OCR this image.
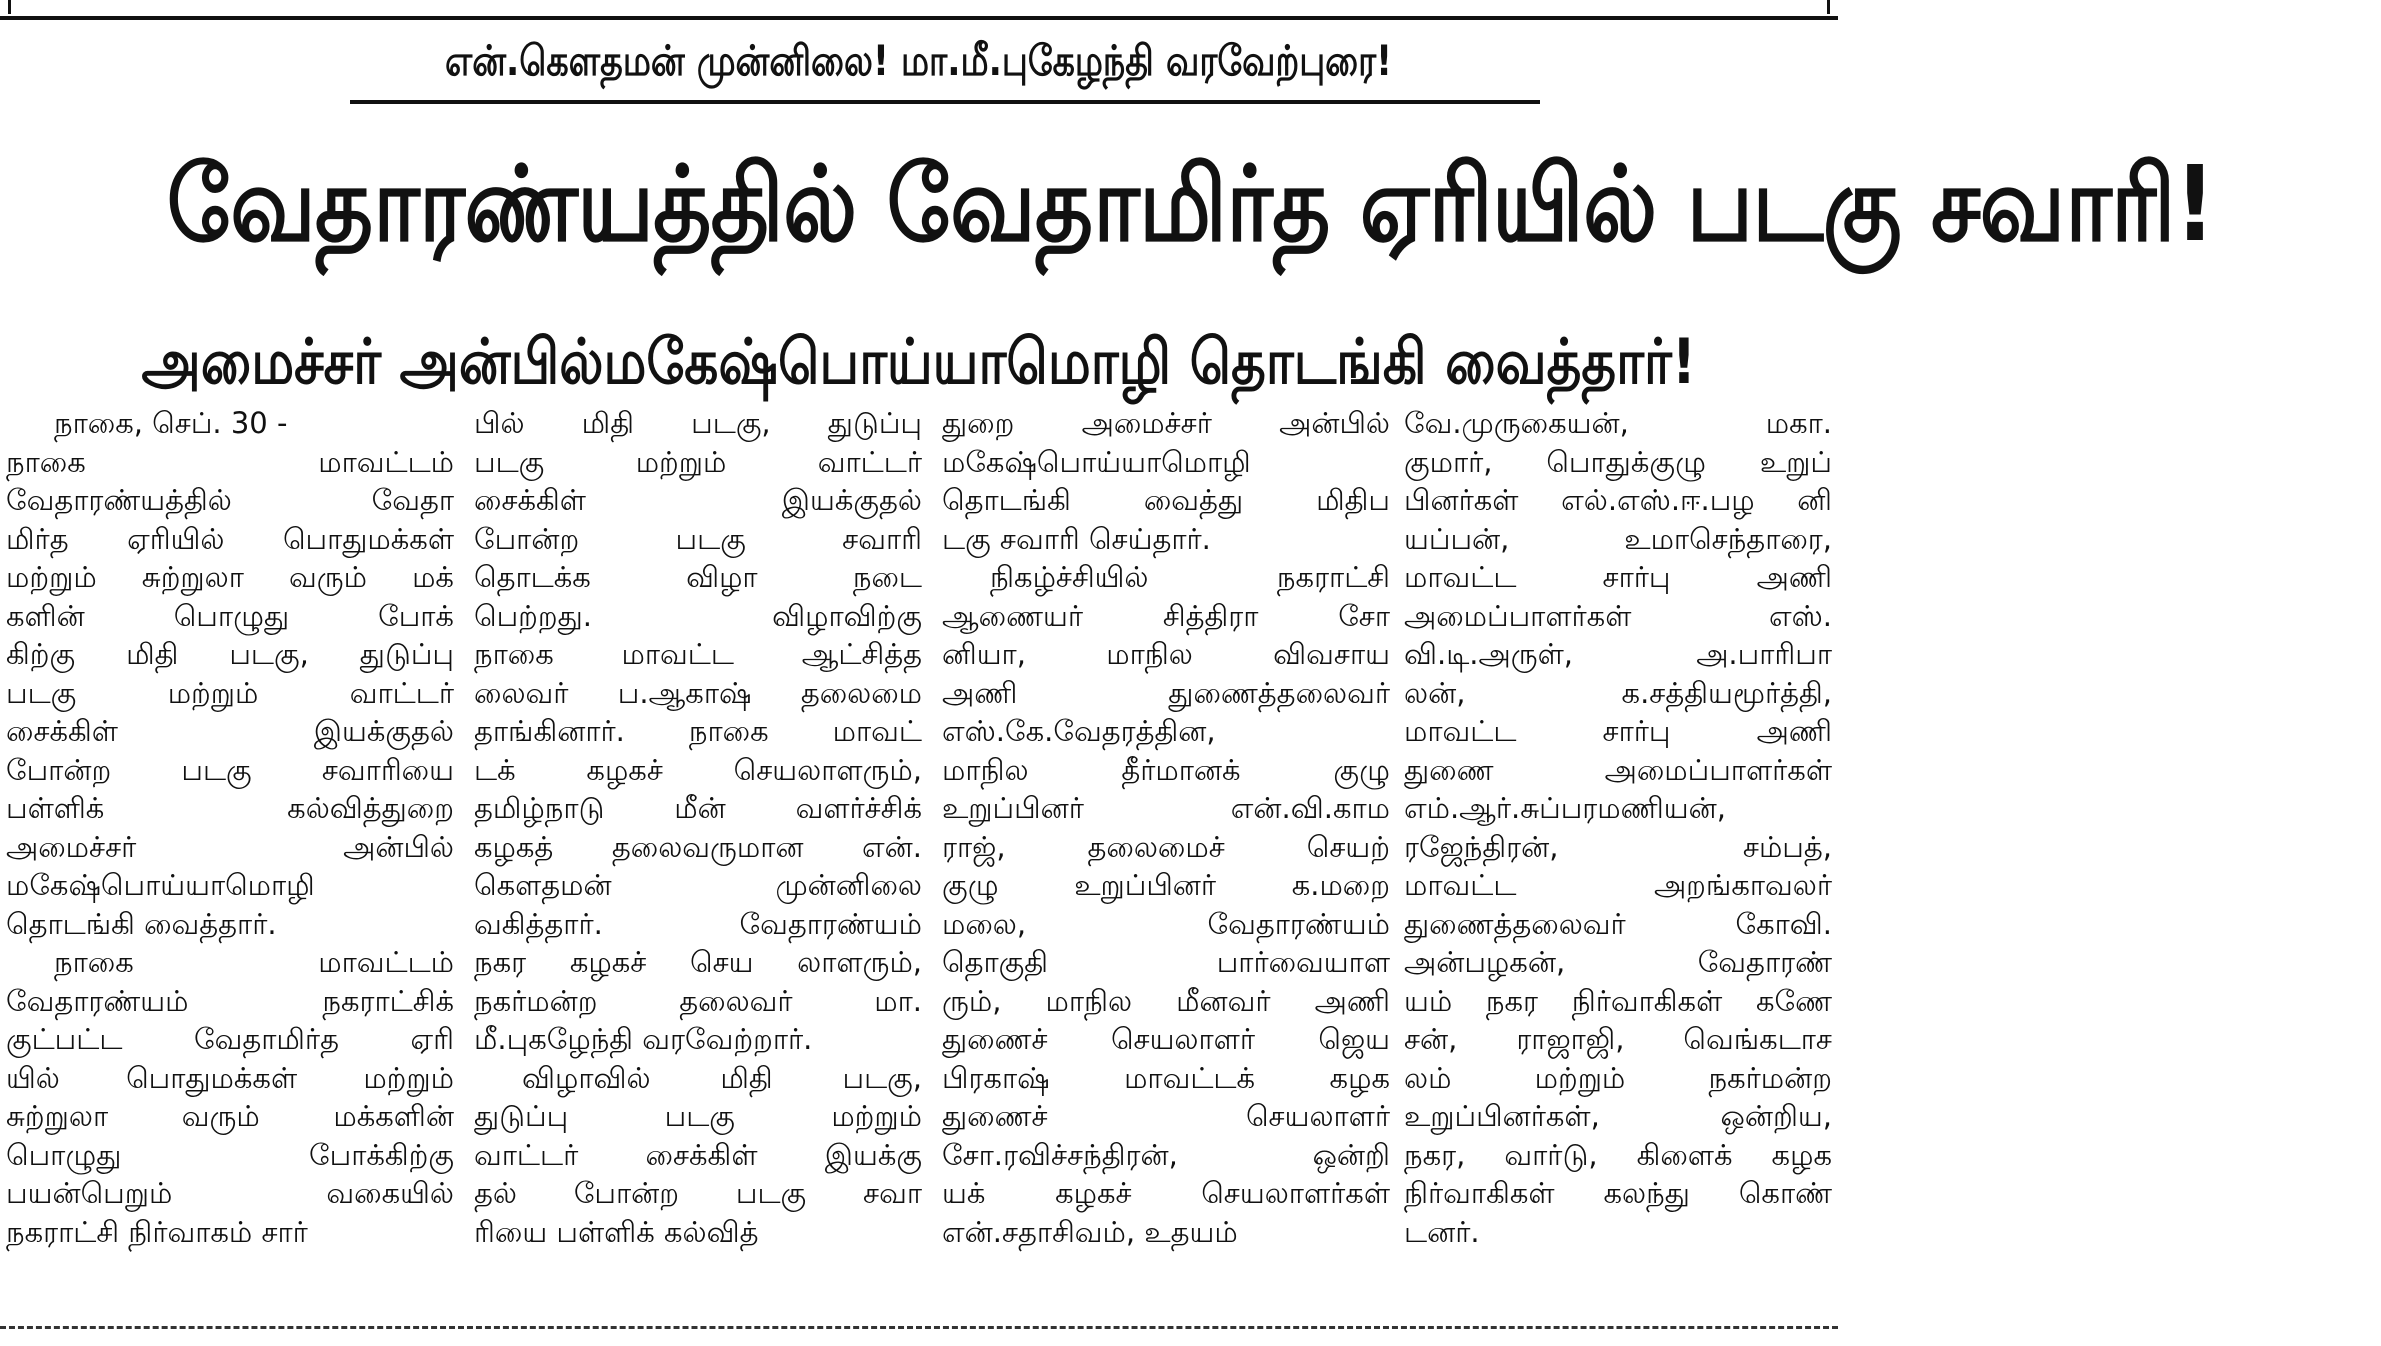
என்.கௌதமன் முன்னிலை! மா.மீ.புகேழந்தி வரவேற்புரை!
வேதாரண்யத்தில் வேதாமிர்த ஏரியில் படகு சவாரி!
அமைச்சர் அன்பில்மகேஷ்பொய்யாமொழி தொடங்கி வைத்தார்!
நாகை, செப். 30 -
நாகை மாவட்டம்
வேதாரண்யத்தில் வேதா
மிர்த ஏரியில் பொதுமக்கள்
மற்றும் சுற்றுலா வரும் மக்
களின் பொழுது போக்
கிற்கு மிதி படகு, துடுப்பு
படகு மற்றும் வாட்டர்
சைக்கிள் இயக்குதல்
போன்ற படகு சவாரியை
பள்ளிக் கல்வித்துறை
அமைச்சர் அன்பில்
மகேஷ்பொய்யாமொழி
தொடங்கி வைத்தார்.
நாகை மாவட்டம்
வேதாரண்யம் நகராட்சிக்
குட்பட்ட வேதாமிர்த ஏரி
யில் பொதுமக்கள் மற்றும்
சுற்றுலா வரும் மக்களின்
பொழுது போக்கிற்கு
பயன்பெறும் வகையில்
நகராட்சி நிர்வாகம் சார்
பில் மிதி படகு, துடுப்பு
படகு மற்றும் வாட்டர்
சைக்கிள் இயக்குதல்
போன்ற படகு சவாரி
தொடக்க விழா நடை
பெற்றது. விழாவிற்கு
நாகை மாவட்ட ஆட்சித்த
லைவர் ப.ஆகாஷ் தலைமை
தாங்கினார். நாகை மாவட்
டக் கழகச் செயலாளரும்,
தமிழ்நாடு மீன் வளர்ச்சிக்
கழகத் தலைவருமான என்.
கௌதமன் முன்னிலை
வகித்தார். வேதாரண்யம்
நகர கழகச் செய லாளரும்,
நகர்மன்ற தலைவர் மா.
மீ.புகழேந்தி வரவேற்றார்.
விழாவில் மிதி படகு,
துடுப்பு படகு மற்றும்
வாட்டர் சைக்கிள் இயக்கு
தல் போன்ற படகு சவா
ரியை பள்ளிக் கல்வித்
துறை அமைச்சர் அன்பில்
மகேஷ்பொய்யாமொழி
தொடங்கி வைத்து மிதிப
டகு சவாரி செய்தார்.
நிகழ்ச்சியில் நகராட்சி
ஆணையர் சித்திரா சோ
னியா, மாநில விவசாய
அணி துணைத்தலைவர்
எஸ்.கே.வேதரத்தின,
மாநில தீர்மானக் குழு
உறுப்பினர் என்.வி.காம
ராஜ், தலைமைச் செயற்
குழு உறுப்பினர் க.மறை
மலை, வேதாரண்யம்
தொகுதி பார்வையாள
ரும், மாநில மீனவர் அணி
துணைச் செயலாளர் ஜெய
பிரகாஷ் மாவட்டக் கழக
துணைச் செயலாளர்
சோ.ரவிச்சந்திரன், ஒன்றி
யக் கழகச் செயலாளர்கள்
என்.சதாசிவம், உதயம்
வே.முருகையன், மகா.
குமார், பொதுக்குழு உறுப்
பினர்கள் எல்.எஸ்.ஈ.பழ னி
யப்பன், உமாசெந்தாரை,
மாவட்ட சார்பு அணி
அமைப்பாளர்கள் எஸ்.
வி.டி.அருள், அ.பாரிபா
லன், க.சத்தியமூர்த்தி,
மாவட்ட சார்பு அணி
துணை அமைப்பாளர்கள்
எம்.ஆர்.சுப்பரமணியன்,
ரஜேந்திரன், சம்பத்,
மாவட்ட அறங்காவலர்
துணைத்தலைவர் கோவி.
அன்பழகன், வேதாரண்
யம் நகர நிர்வாகிகள் கணே
சன், ராஜாஜி, வெங்கடாச
லம் மற்றும் நகர்மன்ற
உறுப்பினர்கள், ஒன்றிய,
நகர, வார்டு, கிளைக் கழக
நிர்வாகிகள் கலந்து கொண்
டனர்.
